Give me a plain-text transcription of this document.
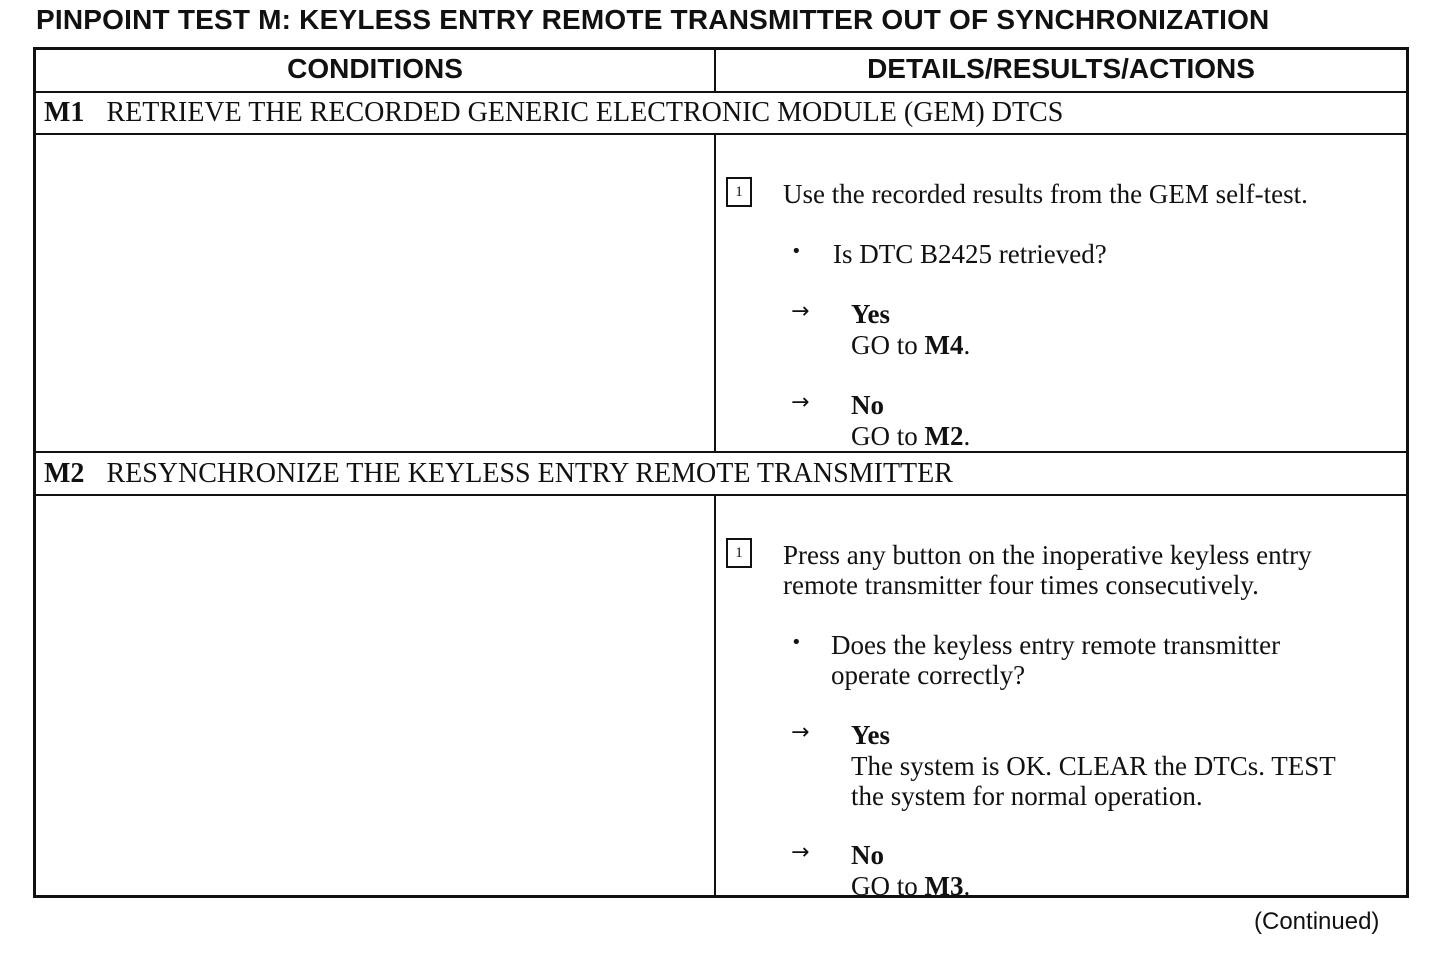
PINPOINT TEST M: KEYLESS ENTRY REMOTE TRANSMITTER OUT OF SYNCHRONIZATION
CONDITIONS	DETAILS/RESULTS/ACTIONS
M1 RETRIEVE THE RECORDED GENERIC ELECTRONIC MODULE (GEM) DTCS
1	Use the recorded results from the GEM self-test.
• Is DTC B2425 retrieved?
→ Yes
GO to M4.
→ No
GO to M2.
M2 RESYNCHRONIZE THE KEYLESS ENTRY REMOTE TRANSMITTER
1	Press any button on the inoperative keyless entry
remote transmitter four times consecutively.
• Does the keyless entry remote transmitter
operate correctly?
→ Yes
The system is OK. CLEAR the DTCs. TEST
the system for normal operation.
→ No
GO to M3.
(Continued)
